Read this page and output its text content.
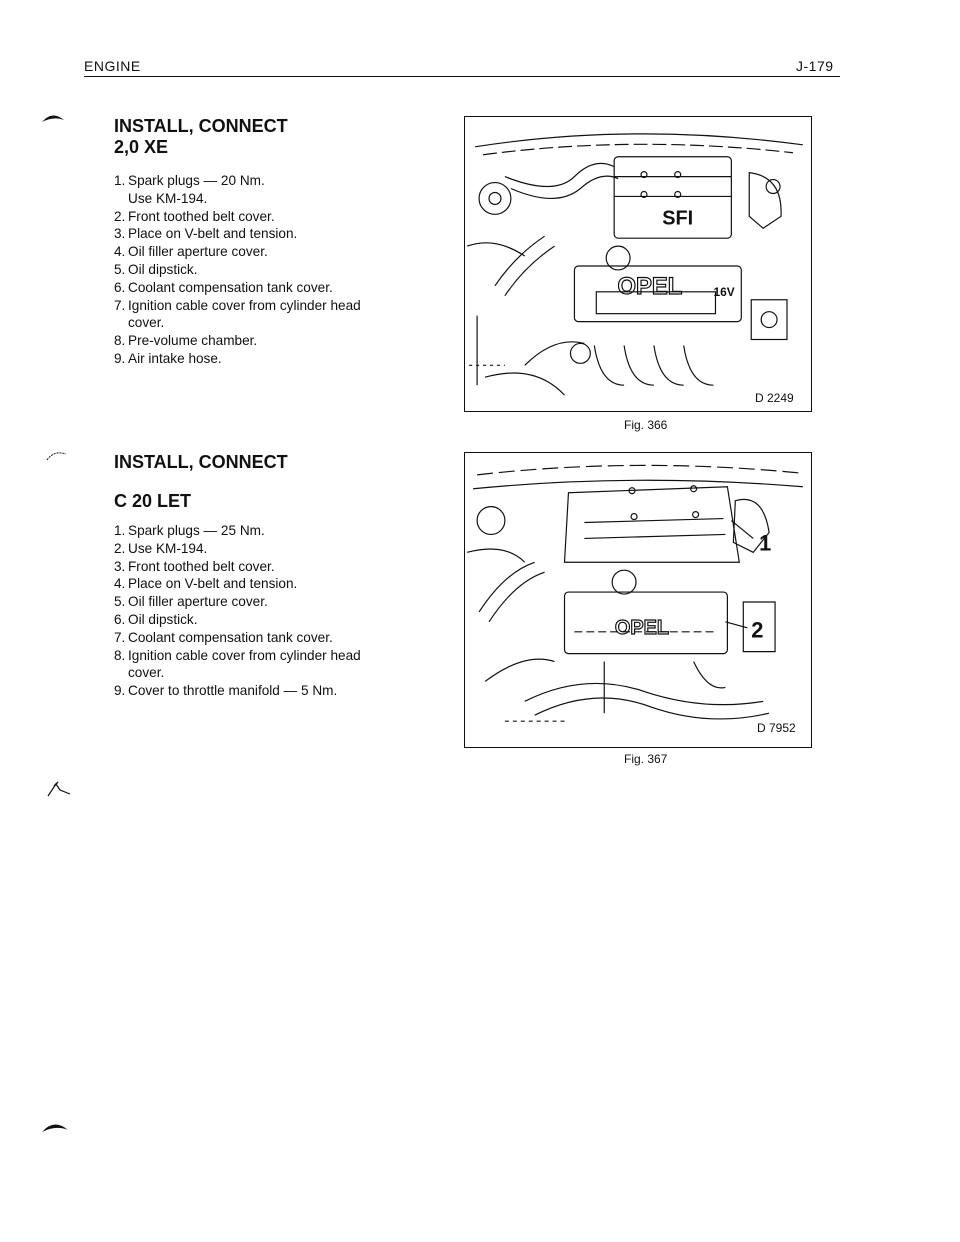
ENGINE	J-179
INSTALL, CONNECT
2,0 XE
1. Spark plugs — 20 Nm.
Use KM-194.
2. Front toothed belt cover.
3. Place on V-belt and tension.
4. Oil filler aperture cover.
5. Oil dipstick.
6. Coolant compensation tank cover.
7. Ignition cable cover from cylinder head
cover.
8. Pre-volume chamber.
9. Air intake hose.
INSTALL, CONNECT
C 20 LET
1. Spark plugs — 25 Nm.
2. Use KM-194.
3. Front toothed belt cover.
4. Place on V-belt and tension.
5. Oil filler aperture cover.
6. Oil dipstick.
7. Coolant compensation tank cover.
8. Ignition cable cover from cylinder head
cover.
9. Cover to throttle manifold — 5 Nm.
SFI
OPEL	16V
D 2249
Fig. 366
OPEL
1
2
D 7952
Fig. 367
